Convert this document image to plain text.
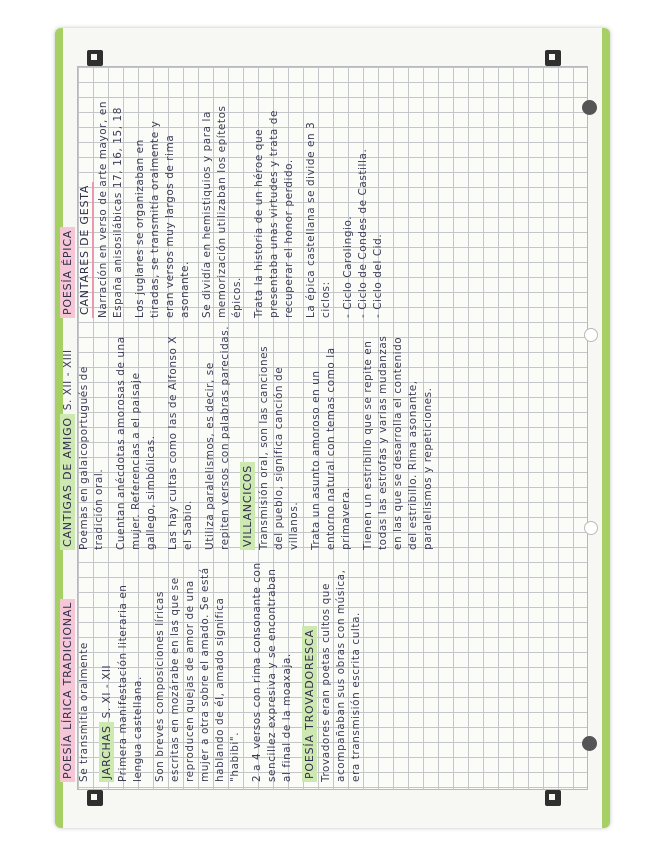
POESÍA LÍRICA TRADICIONAL Se transmitía oralmente JARCHAS S. XI - XII Primera manifestación literaria en lengua castellana. Son breves composiciones líricas escritas en mozárabe en las que se reproducen quejas de amor de una mujer a otra sobre el amado. Se está hablando de él, amado significa "habibi". 2 a 4 versos con rima consonante con sencillez expresiva y se encontraban al final de la moaxaja. POESÍA TROVADORESCA Trovadores eran poetas cultos que acompañaban sus obras con música, era transmisión escrita culta.

CANTIGAS DE AMIGO S. XII - XIII Poemas en galaicoportugués de tradición oral. Cuentan anécdotas amorosas de una mujer. Referencias a el paisaje gallego, simbólicas. Las hay cultas como las de Alfonso X el Sabio. Utiliza paralelismos, es decir, se repiten versos con palabras parecidas. VILLANCICOS Transmisión oral, son las canciones del pueblo, significa canción de villanos. Trata un asunto amoroso en un entorno natural con temas como la primavera. Tienen un estribillo que se repite en todas las estrofas y varias mudanzas en las que se desarrolla el contenido del estribillo. Rima asonante, paralelismos y repeticiones.

POESÍA ÉPICA CANTARES DE GESTA Narración en verso de arte mayor, en España anisosilábicas 17, 16, 15, 18 Los juglares se organizaban en tiradas, se transmitía oralmente y eran versos muy largos de rima asonante. Se dividía en hemistiquios y para la memorización utilizaban los epítetos épicos. Trata la historia de un héroe que presentaba unas virtudes y trata de recuperar el honor perdido. La épica castellana se divide en 3 ciclos: - Ciclo Carolingio. - Ciclo de Condes de Castilla. - Ciclo del Cid.
